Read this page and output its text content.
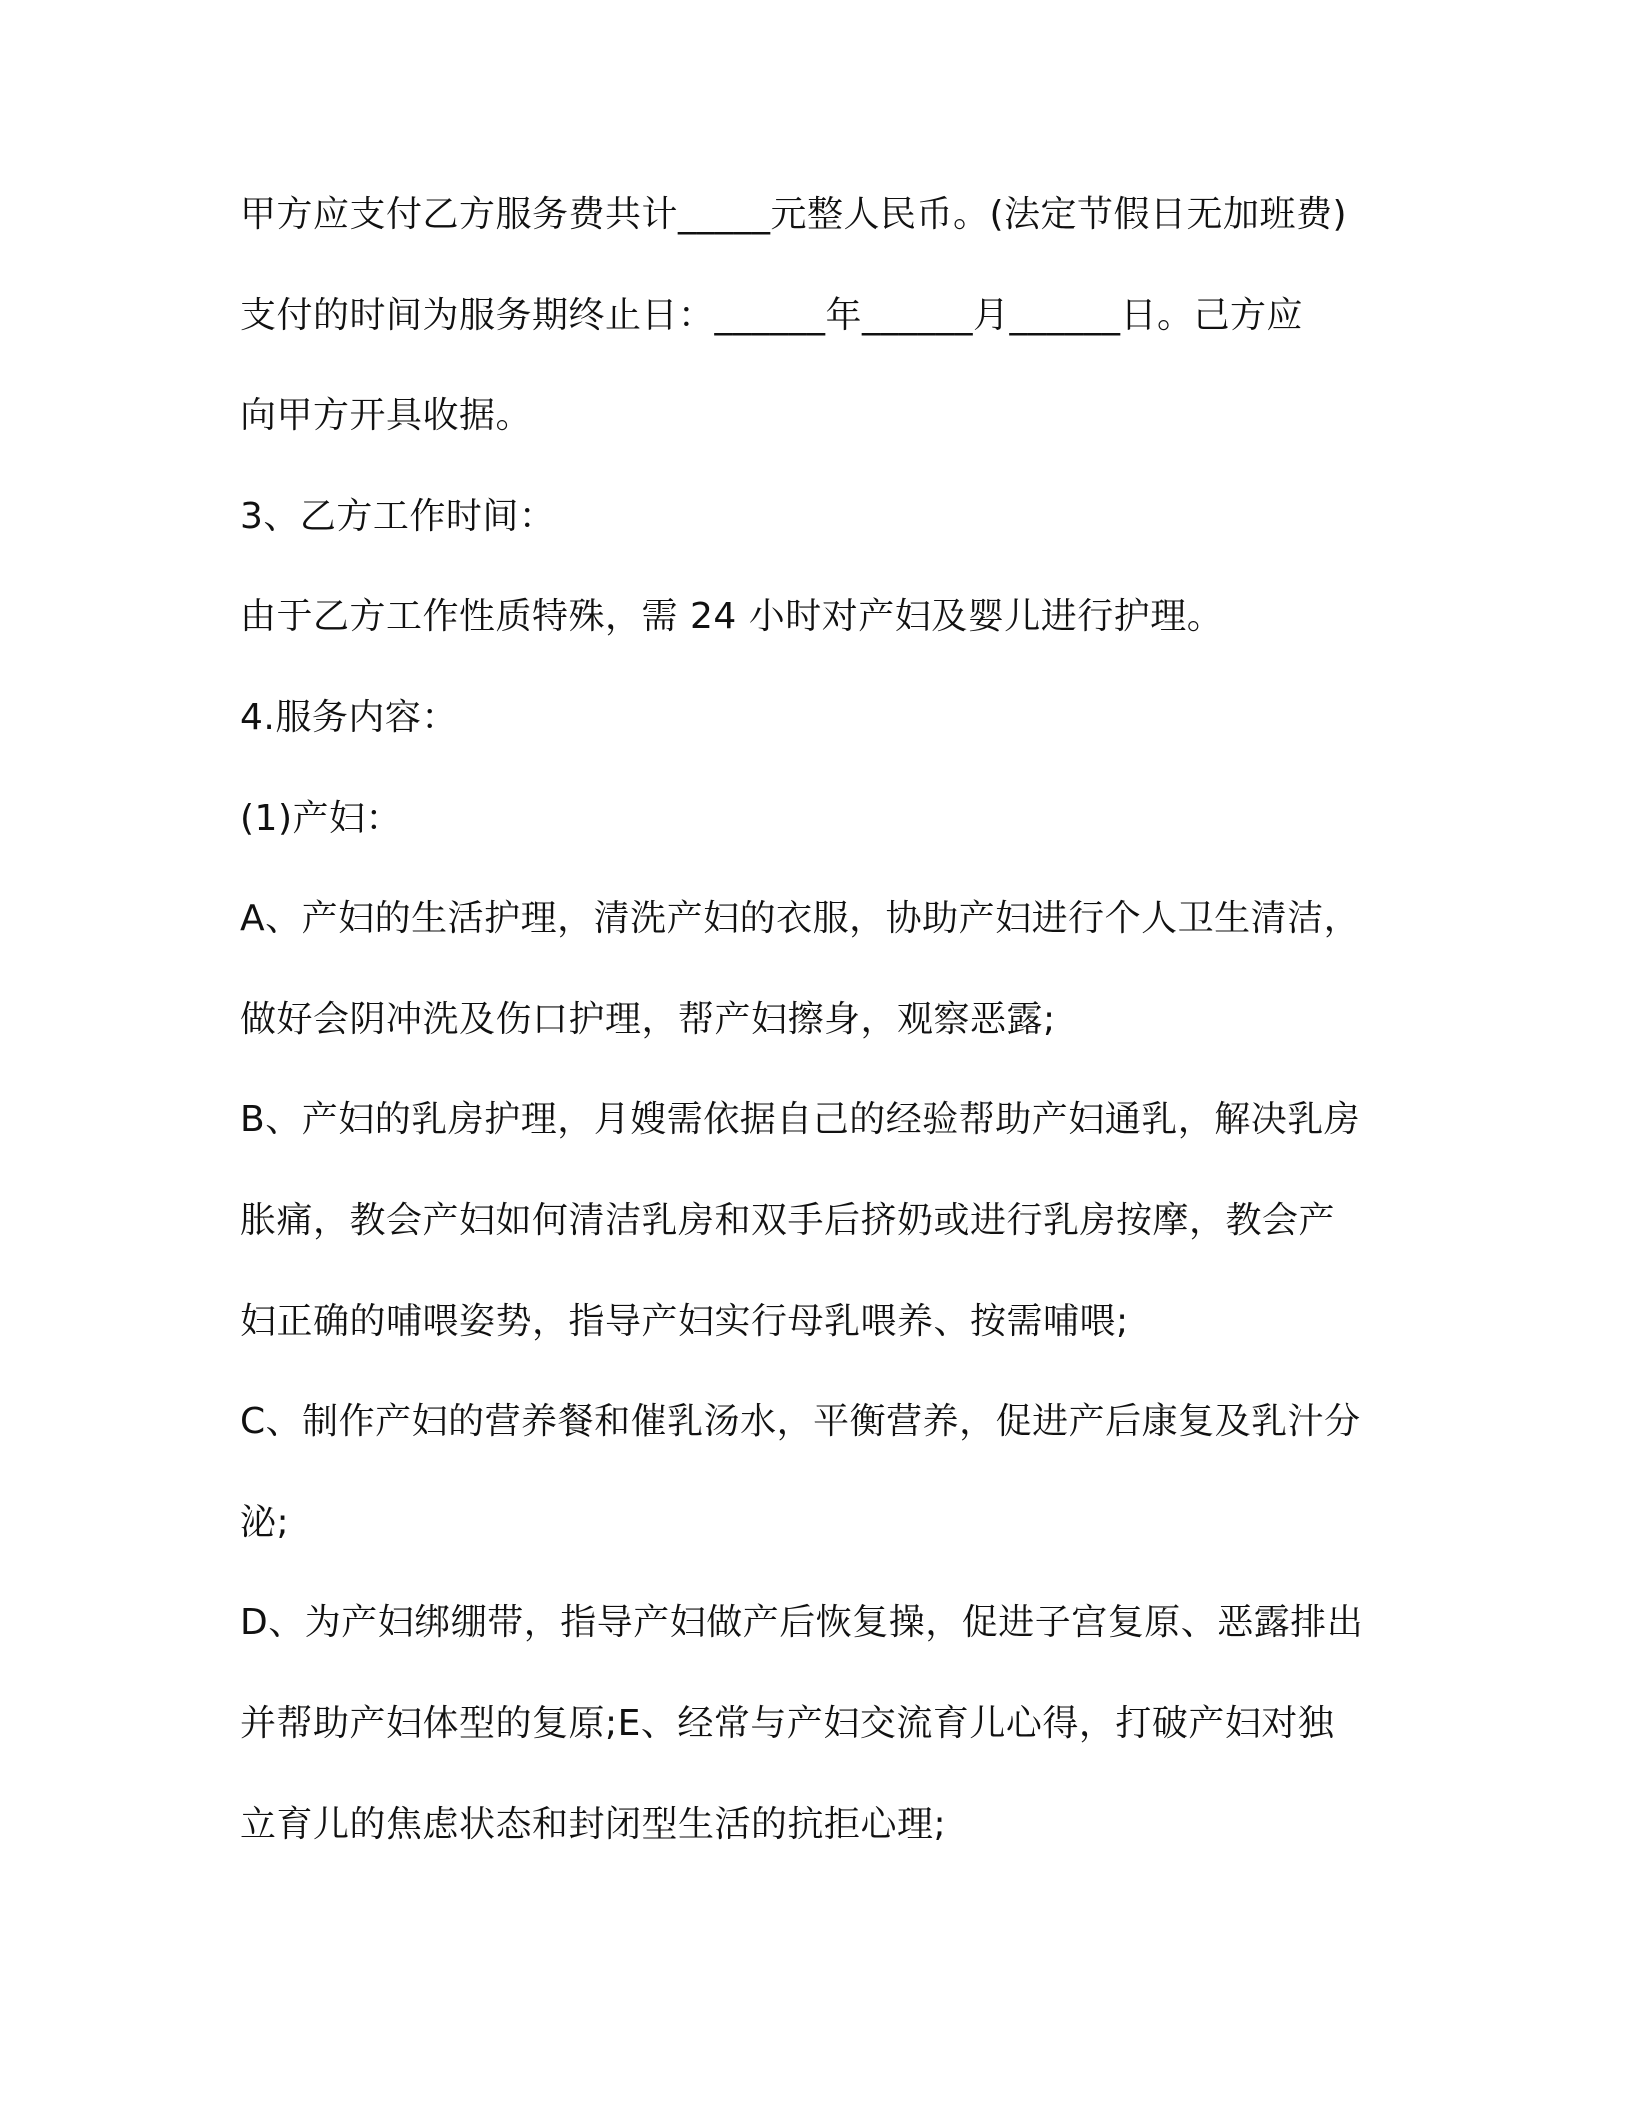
甲方应支付乙方服务费共计_____元整人民币。(法定节假日无加班费)
支付的时间为服务期终止日：______年______月______日。己方应
向甲方开具收据。
3、乙方工作时间：
由于乙方工作性质特殊，需 24 小时对产妇及婴儿进行护理。
4.服务内容：
(1)产妇：
A、产妇的生活护理，清洗产妇的衣服，协助产妇进行个人卫生清洁，
做好会阴冲洗及伤口护理，帮产妇擦身，观察恶露;
B、产妇的乳房护理，月嫂需依据自己的经验帮助产妇通乳，解决乳房
胀痛，教会产妇如何清洁乳房和双手后挤奶或进行乳房按摩，教会产
妇正确的哺喂姿势，指导产妇实行母乳喂养、按需哺喂;
C、制作产妇的营养餐和催乳汤水，平衡营养，促进产后康复及乳汁分
泌;
D、为产妇绑绷带，指导产妇做产后恢复操，促进子宫复原、恶露排出
并帮助产妇体型的复原;E、经常与产妇交流育儿心得，打破产妇对独
立育儿的焦虑状态和封闭型生活的抗拒心理;
